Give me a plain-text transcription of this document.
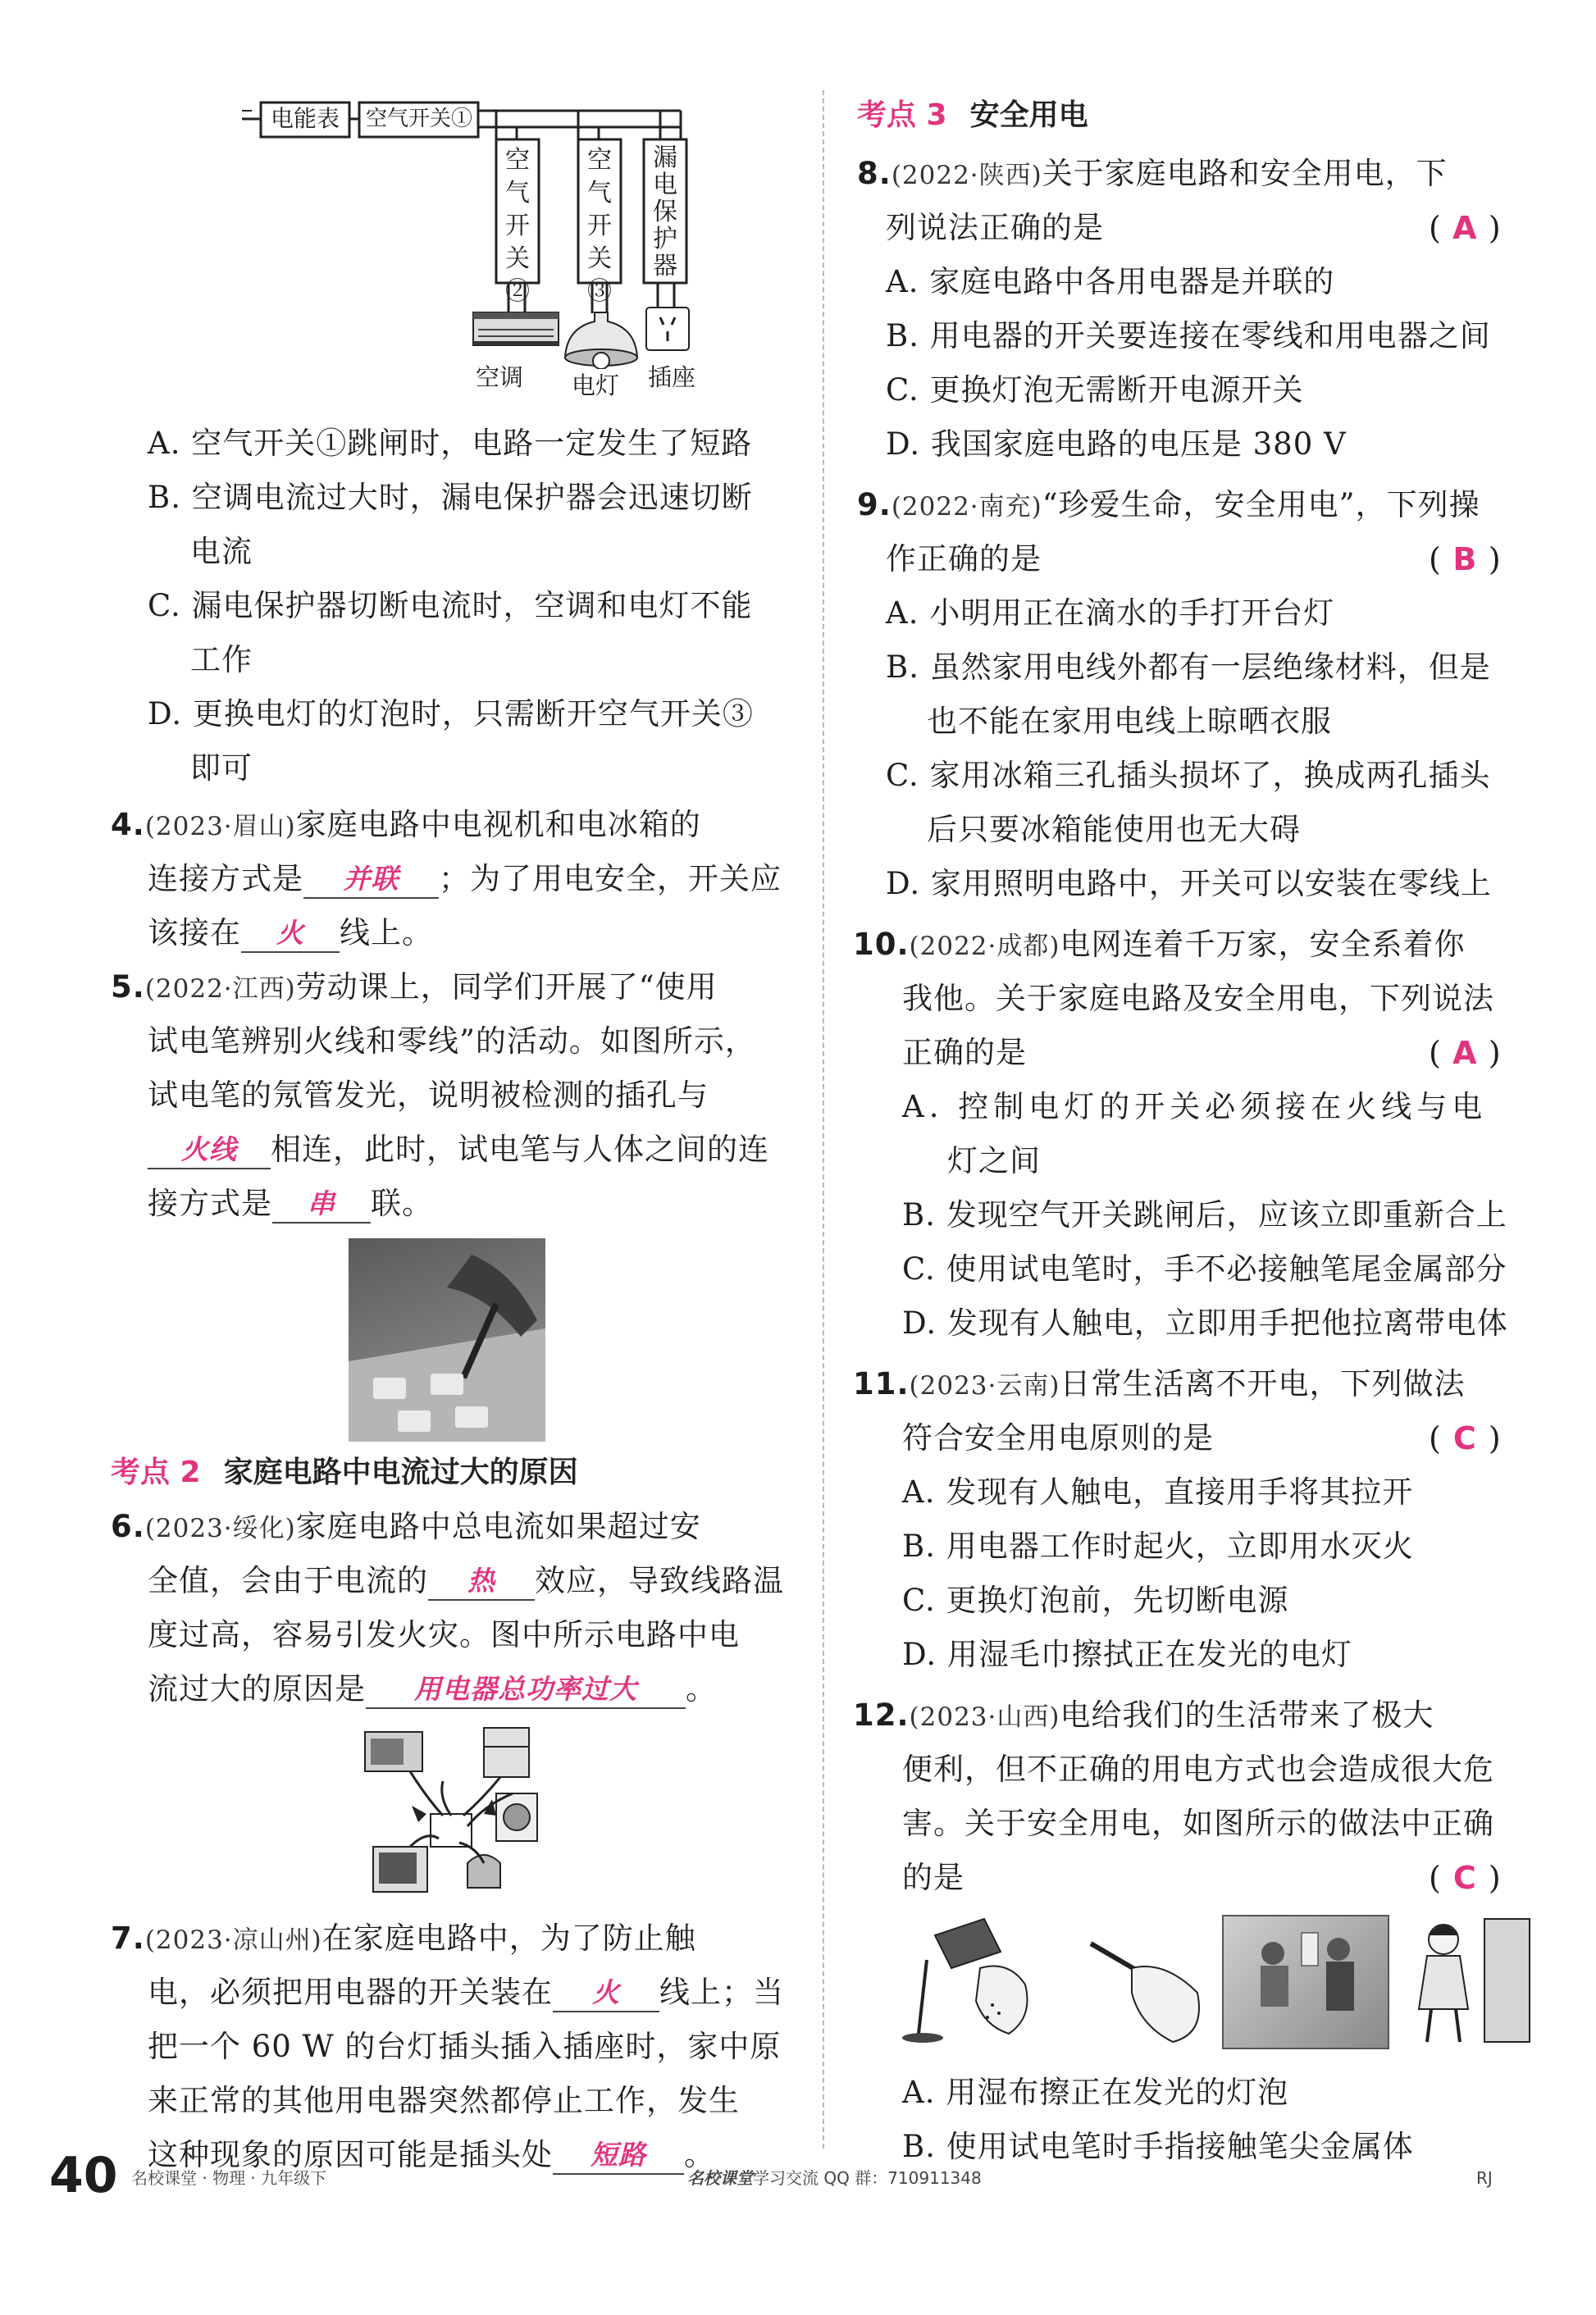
电能表	空气开关①
空气开关②
空气开关③
漏电保护器
空调 电灯 插座
A. 空气开关①跳闸时，电路一定发生了短路
B. 空调电流过大时，漏电保护器会迅速切断
电流
C. 漏电保护器切断电流时，空调和电灯不能
工作
D. 更换电灯的灯泡时，只需断开空气开关③
即可
4.(2023·眉山)家庭电路中电视机和电冰箱的
连接方式是 并联 ；为了用电安全，开关应
该接在 火 线上。
5.(2022·江西)劳动课上，同学们开展了“使用
试电笔辨别火线和零线”的活动。如图所示，
试电笔的氖管发光，说明被检测的插孔与
火线 相连，此时，试电笔与人体之间的连
接方式是 串 联。
考点 2 家庭电路中电流过大的原因
6.(2023·绥化)家庭电路中总电流如果超过安
全值，会由于电流的 热 效应，导致线路温
度过高，容易引发火灾。图中所示电路中电
流过大的原因是 用电器总功率过大 。
7.(2023·凉山州)在家庭电路中，为了防止触
电，必须把用电器的开关装在 火 线上；当
把一个 60 W 的台灯插头插入插座时，家中原
来正常的其他用电器突然都停止工作，发生
这种现象的原因可能是插头处 短路 。
考点 3 安全用电
8.(2022·陕西)关于家庭电路和安全用电，下
列说法正确的是	( A )
A. 家庭电路中各用电器是并联的
B. 用电器的开关要连接在零线和用电器之间
C. 更换灯泡无需断开电源开关
D. 我国家庭电路的电压是 380 V
9.(2022·南充)“珍爱生命，安全用电”，下列操
作正确的是	( B )
A. 小明用正在滴水的手打开台灯
B. 虽然家用电线外都有一层绝缘材料，但是
也不能在家用电线上晾晒衣服
C. 家用冰箱三孔插头损坏了，换成两孔插头
后只要冰箱能使用也无大碍
D. 家用照明电路中，开关可以安装在零线上
10.(2022·成都)电网连着千万家，安全系着你
我他。关于家庭电路及安全用电，下列说法
正确的是	( A )
A. 控制电灯的开关必须接在火线与电
灯之间
B. 发现空气开关跳闸后，应该立即重新合上
C. 使用试电笔时，手不必接触笔尾金属部分
D. 发现有人触电，立即用手把他拉离带电体
11.(2023·云南)日常生活离不开电，下列做法
符合安全用电原则的是	( C )
A. 发现有人触电，直接用手将其拉开
B. 用电器工作时起火，立即用水灭火
C. 更换灯泡前，先切断电源
D. 用湿毛巾擦拭正在发光的电灯
12.(2023·山西)电给我们的生活带来了极大
便利，但不正确的用电方式也会造成很大危
害。关于安全用电，如图所示的做法中正确
的是	( C )
A. 用湿布擦正在发光的灯泡
B. 使用试电笔时手指接触笔尖金属体
40 名校课堂 · 物理 · 九年级下	名校课堂学习交流 QQ 群：710911348	RJ
